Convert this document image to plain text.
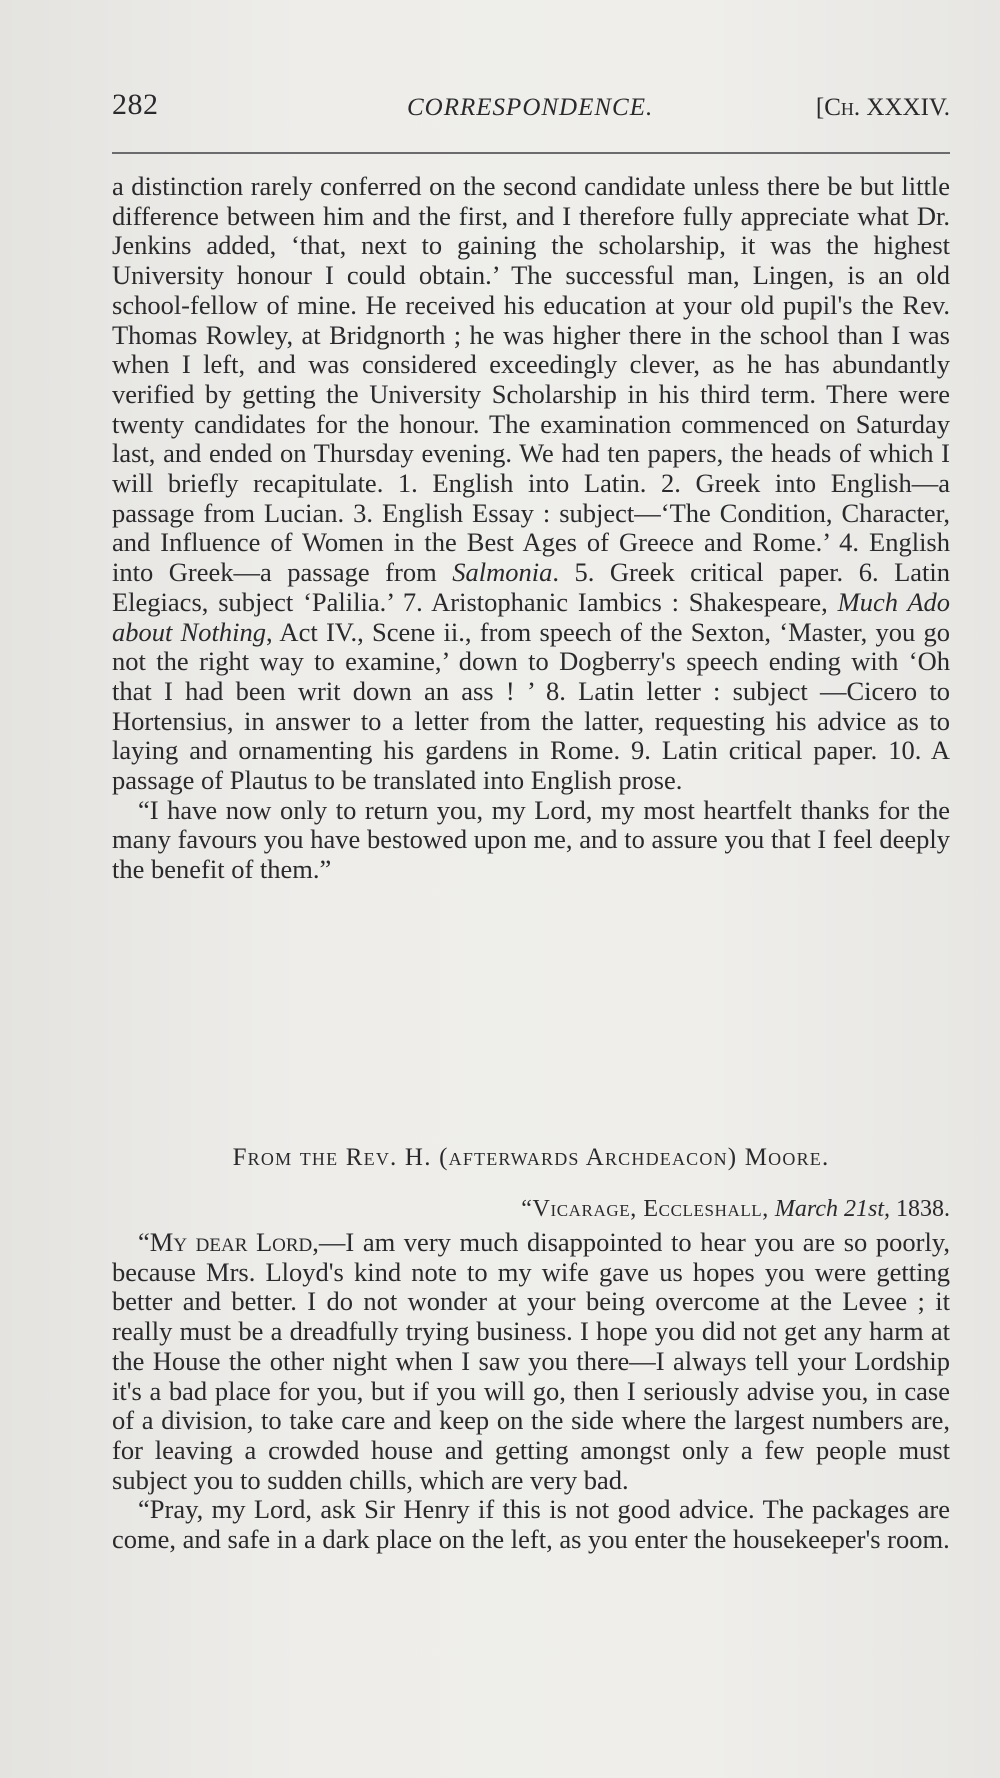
282	CORRESPONDENCE.	[Ch. XXXIV.

a distinction rarely conferred on the second candidate unless there be but little difference between him and the first, and I therefore fully appreciate what Dr. Jenkins added, ‘that, next to gaining the scholarship, it was the highest University honour I could obtain.’ The successful man, Lingen, is an old school-fellow of mine. He received his education at your old pupil's the Rev. Thomas Rowley, at Bridgnorth ; he was higher there in the school than I was when I left, and was considered exceedingly clever, as he has abundantly verified by getting the University Scholarship in his third term. There were twenty candidates for the honour. The examination commenced on Saturday last, and ended on Thursday evening. We had ten papers, the heads of which I will briefly recapitulate. 1. English into Latin. 2. Greek into English—a passage from Lucian. 3. English Essay : subject—‘The Condition, Character, and Influence of Women in the Best Ages of Greece and Rome.’ 4. English into Greek—a passage from Salmonia. 5. Greek critical paper. 6. Latin Elegiacs, subject ‘Palilia.’ 7. Aristophanic Iambics : Shakespeare, Much Ado about Nothing, Act IV., Scene ii., from speech of the Sexton, ‘Master, you go not the right way to examine,’ down to Dogberry's speech ending with ‘Oh that I had been writ down an ass ! ’ 8. Latin letter : subject —Cicero to Hortensius, in answer to a letter from the latter, requesting his advice as to laying and ornamenting his gardens in Rome. 9. Latin critical paper. 10. A passage of Plautus to be translated into English prose.

“I have now only to return you, my Lord, my most heartfelt thanks for the many favours you have bestowed upon me, and to assure you that I feel deeply the benefit of them.”

From the Rev. H. (afterwards Archdeacon) Moore.
“Vicarage, Eccleshall, March 21st, 1838.

“My dear Lord,—I am very much disappointed to hear you are so poorly, because Mrs. Lloyd's kind note to my wife gave us hopes you were getting better and better. I do not wonder at your being overcome at the Levee ; it really must be a dreadfully trying business. I hope you did not get any harm at the House the other night when I saw you there—I always tell your Lordship it's a bad place for you, but if you will go, then I seriously advise you, in case of a division, to take care and keep on the side where the largest numbers are, for leaving a crowded house and getting amongst only a few people must subject you to sudden chills, which are very bad.

“Pray, my Lord, ask Sir Henry if this is not good advice. The packages are come, and safe in a dark place on the left, as you enter the housekeeper's room.
